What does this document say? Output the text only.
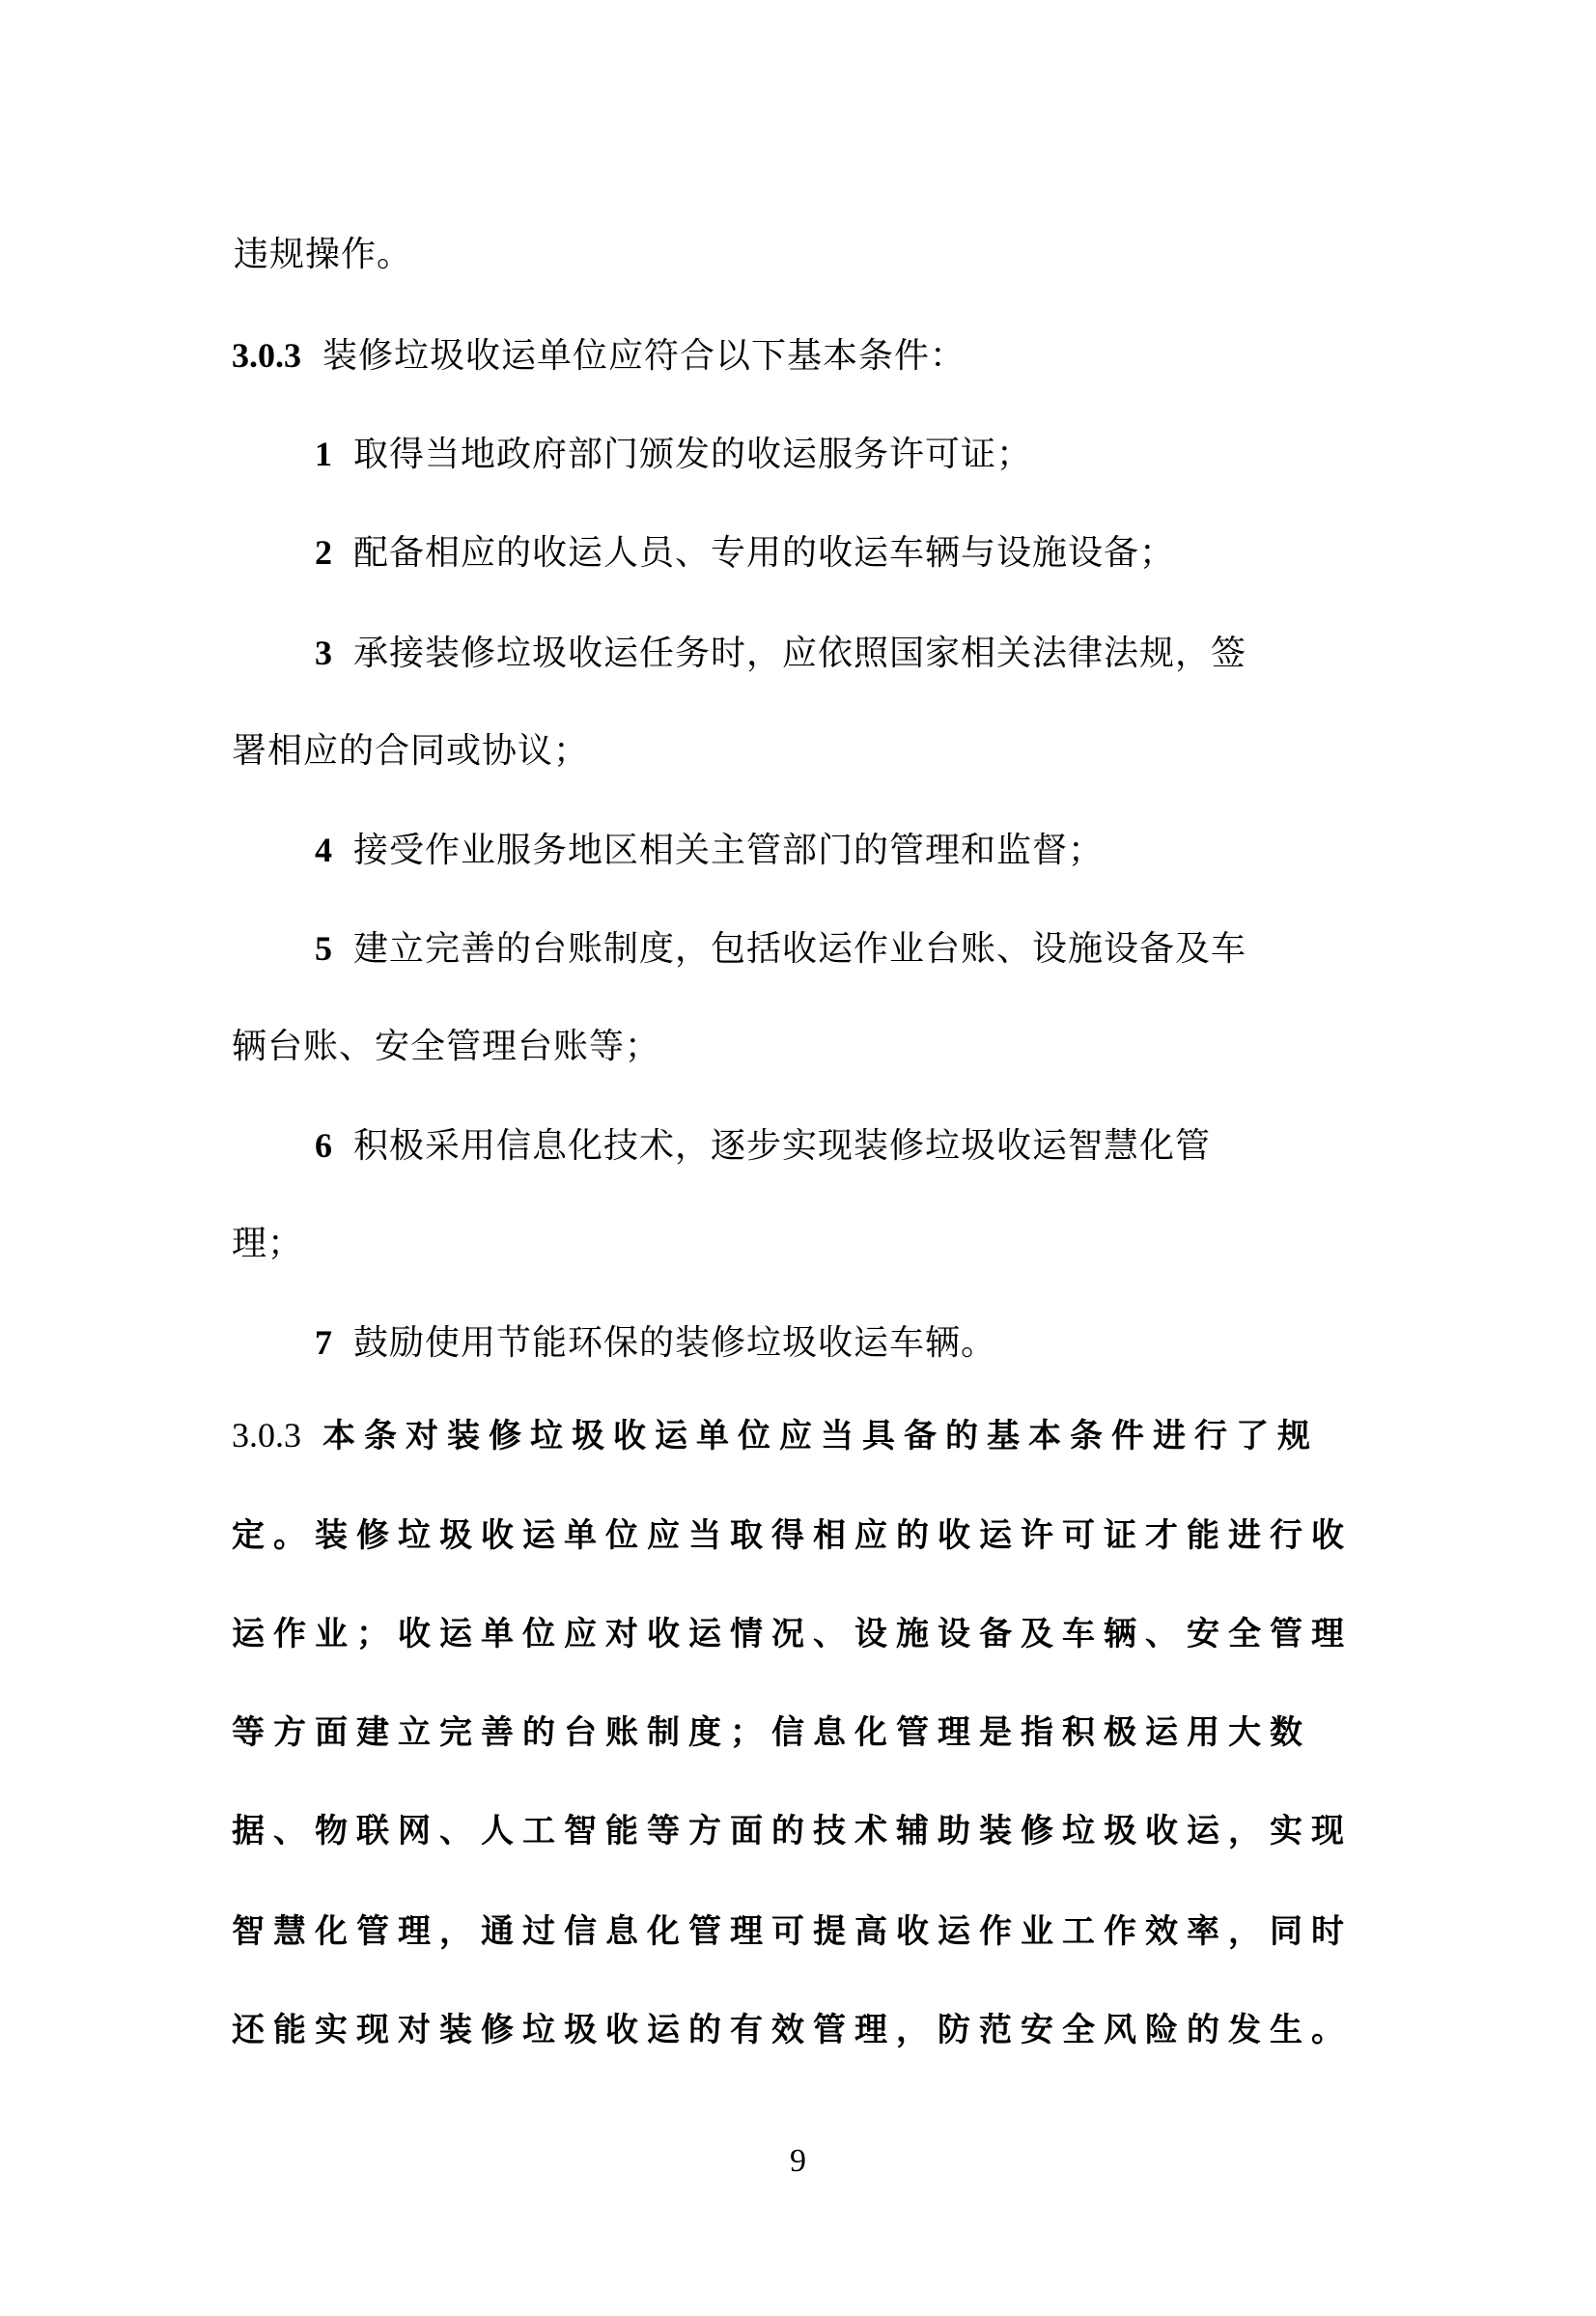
违规操作。
3.0.3 装修垃圾收运单位应符合以下基本条件：
1 取得当地政府部门颁发的收运服务许可证；
2 配备相应的收运人员、专用的收运车辆与设施设备；
3 承接装修垃圾收运任务时，应依照国家相关法律法规，签
署相应的合同或协议；
4 接受作业服务地区相关主管部门的管理和监督；
5 建立完善的台账制度，包括收运作业台账、设施设备及车
辆台账、安全管理台账等；
6 积极采用信息化技术，逐步实现装修垃圾收运智慧化管
理；
7 鼓励使用节能环保的装修垃圾收运车辆。
3.0.3 本条对装修垃圾收运单位应当具备的基本条件进行了规
定。装修垃圾收运单位应当取得相应的收运许可证才能进行收
运作业；收运单位应对收运情况、设施设备及车辆、安全管理
等方面建立完善的台账制度；信息化管理是指积极运用大数
据、物联网、人工智能等方面的技术辅助装修垃圾收运，实现
智慧化管理，通过信息化管理可提高收运作业工作效率，同时
还能实现对装修垃圾收运的有效管理，防范安全风险的发生。
9
